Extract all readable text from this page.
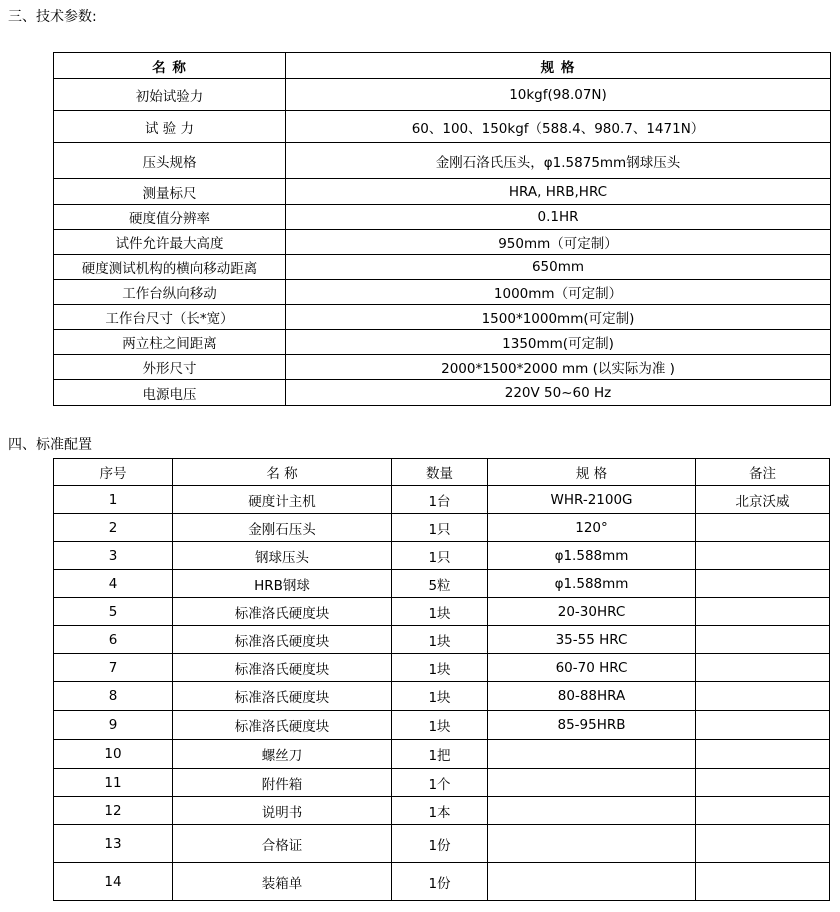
三、技术参数:
名 称	规 格
初始试验力	10kgf(98.07N)
试 验 力	60、100、150kgf（588.4、980.7、1471N）
压头规格	金刚石洛氏压头，φ1.5875mm钢球压头
测量标尺	HRA, HRB,HRC
硬度值分辨率	0.1HR
试件允许最大高度	950mm（可定制）
硬度测试机构的横向移动距离	650mm
工作台纵向移动	1000mm（可定制）
工作台尺寸（长*宽）	1500*1000mm(可定制)
两立柱之间距离	1350mm(可定制)
外形尺寸	2000*1500*2000 mm (以实际为准 )
电源电压	220V 50~60 Hz
四、标准配置
序号	名 称	数量	规 格	备注
1	硬度计主机	1台	WHR-2100G	北京沃威
2	金刚石压头	1只	120°	
3	钢球压头	1只	φ1.588mm	
4	HRB钢球	5粒	φ1.588mm	
5	标准洛氏硬度块	1块	20-30HRC	
6	标准洛氏硬度块	1块	35-55 HRC	
7	标准洛氏硬度块	1块	60-70 HRC	
8	标准洛氏硬度块	1块	80-88HRA	
9	标准洛氏硬度块	1块	85-95HRB	
10	螺丝刀	1把		
11	附件箱	1个		
12	说明书	1本		
13	合格证	1份		
14	装箱单	1份		
